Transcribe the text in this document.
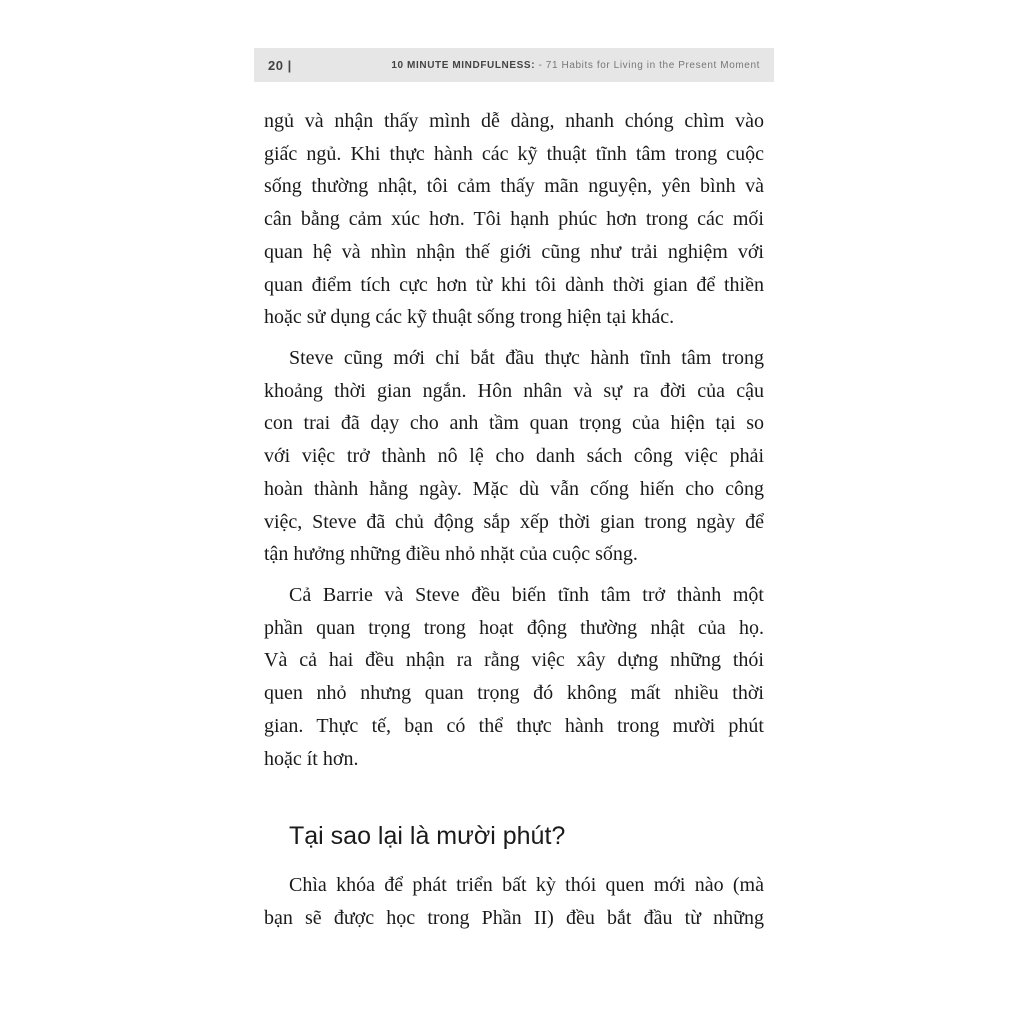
20 |	10 MINUTE MINDFULNESS: - 71 Habits for Living in the Present Moment
ngủ và nhận thấy mình dễ dàng, nhanh chóng chìm vào
giấc ngủ. Khi thực hành các kỹ thuật tĩnh tâm trong cuộc
sống thường nhật, tôi cảm thấy mãn nguyện, yên bình và
cân bằng cảm xúc hơn. Tôi hạnh phúc hơn trong các mối
quan hệ và nhìn nhận thế giới cũng như trải nghiệm với
quan điểm tích cực hơn từ khi tôi dành thời gian để thiền
hoặc sử dụng các kỹ thuật sống trong hiện tại khác.
Steve cũng mới chỉ bắt đầu thực hành tĩnh tâm trong
khoảng thời gian ngắn. Hôn nhân và sự ra đời của cậu
con trai đã dạy cho anh tầm quan trọng của hiện tại so
với việc trở thành nô lệ cho danh sách công việc phải
hoàn thành hằng ngày. Mặc dù vẫn cống hiến cho công
việc, Steve đã chủ động sắp xếp thời gian trong ngày để
tận hưởng những điều nhỏ nhặt của cuộc sống.
Cả Barrie và Steve đều biến tĩnh tâm trở thành một
phần quan trọng trong hoạt động thường nhật của họ.
Và cả hai đều nhận ra rằng việc xây dựng những thói
quen nhỏ nhưng quan trọng đó không mất nhiều thời
gian. Thực tế, bạn có thể thực hành trong mười phút
hoặc ít hơn.
Tại sao lại là mười phút?
Chìa khóa để phát triển bất kỳ thói quen mới nào (mà
bạn sẽ được học trong Phần II) đều bắt đầu từ những
